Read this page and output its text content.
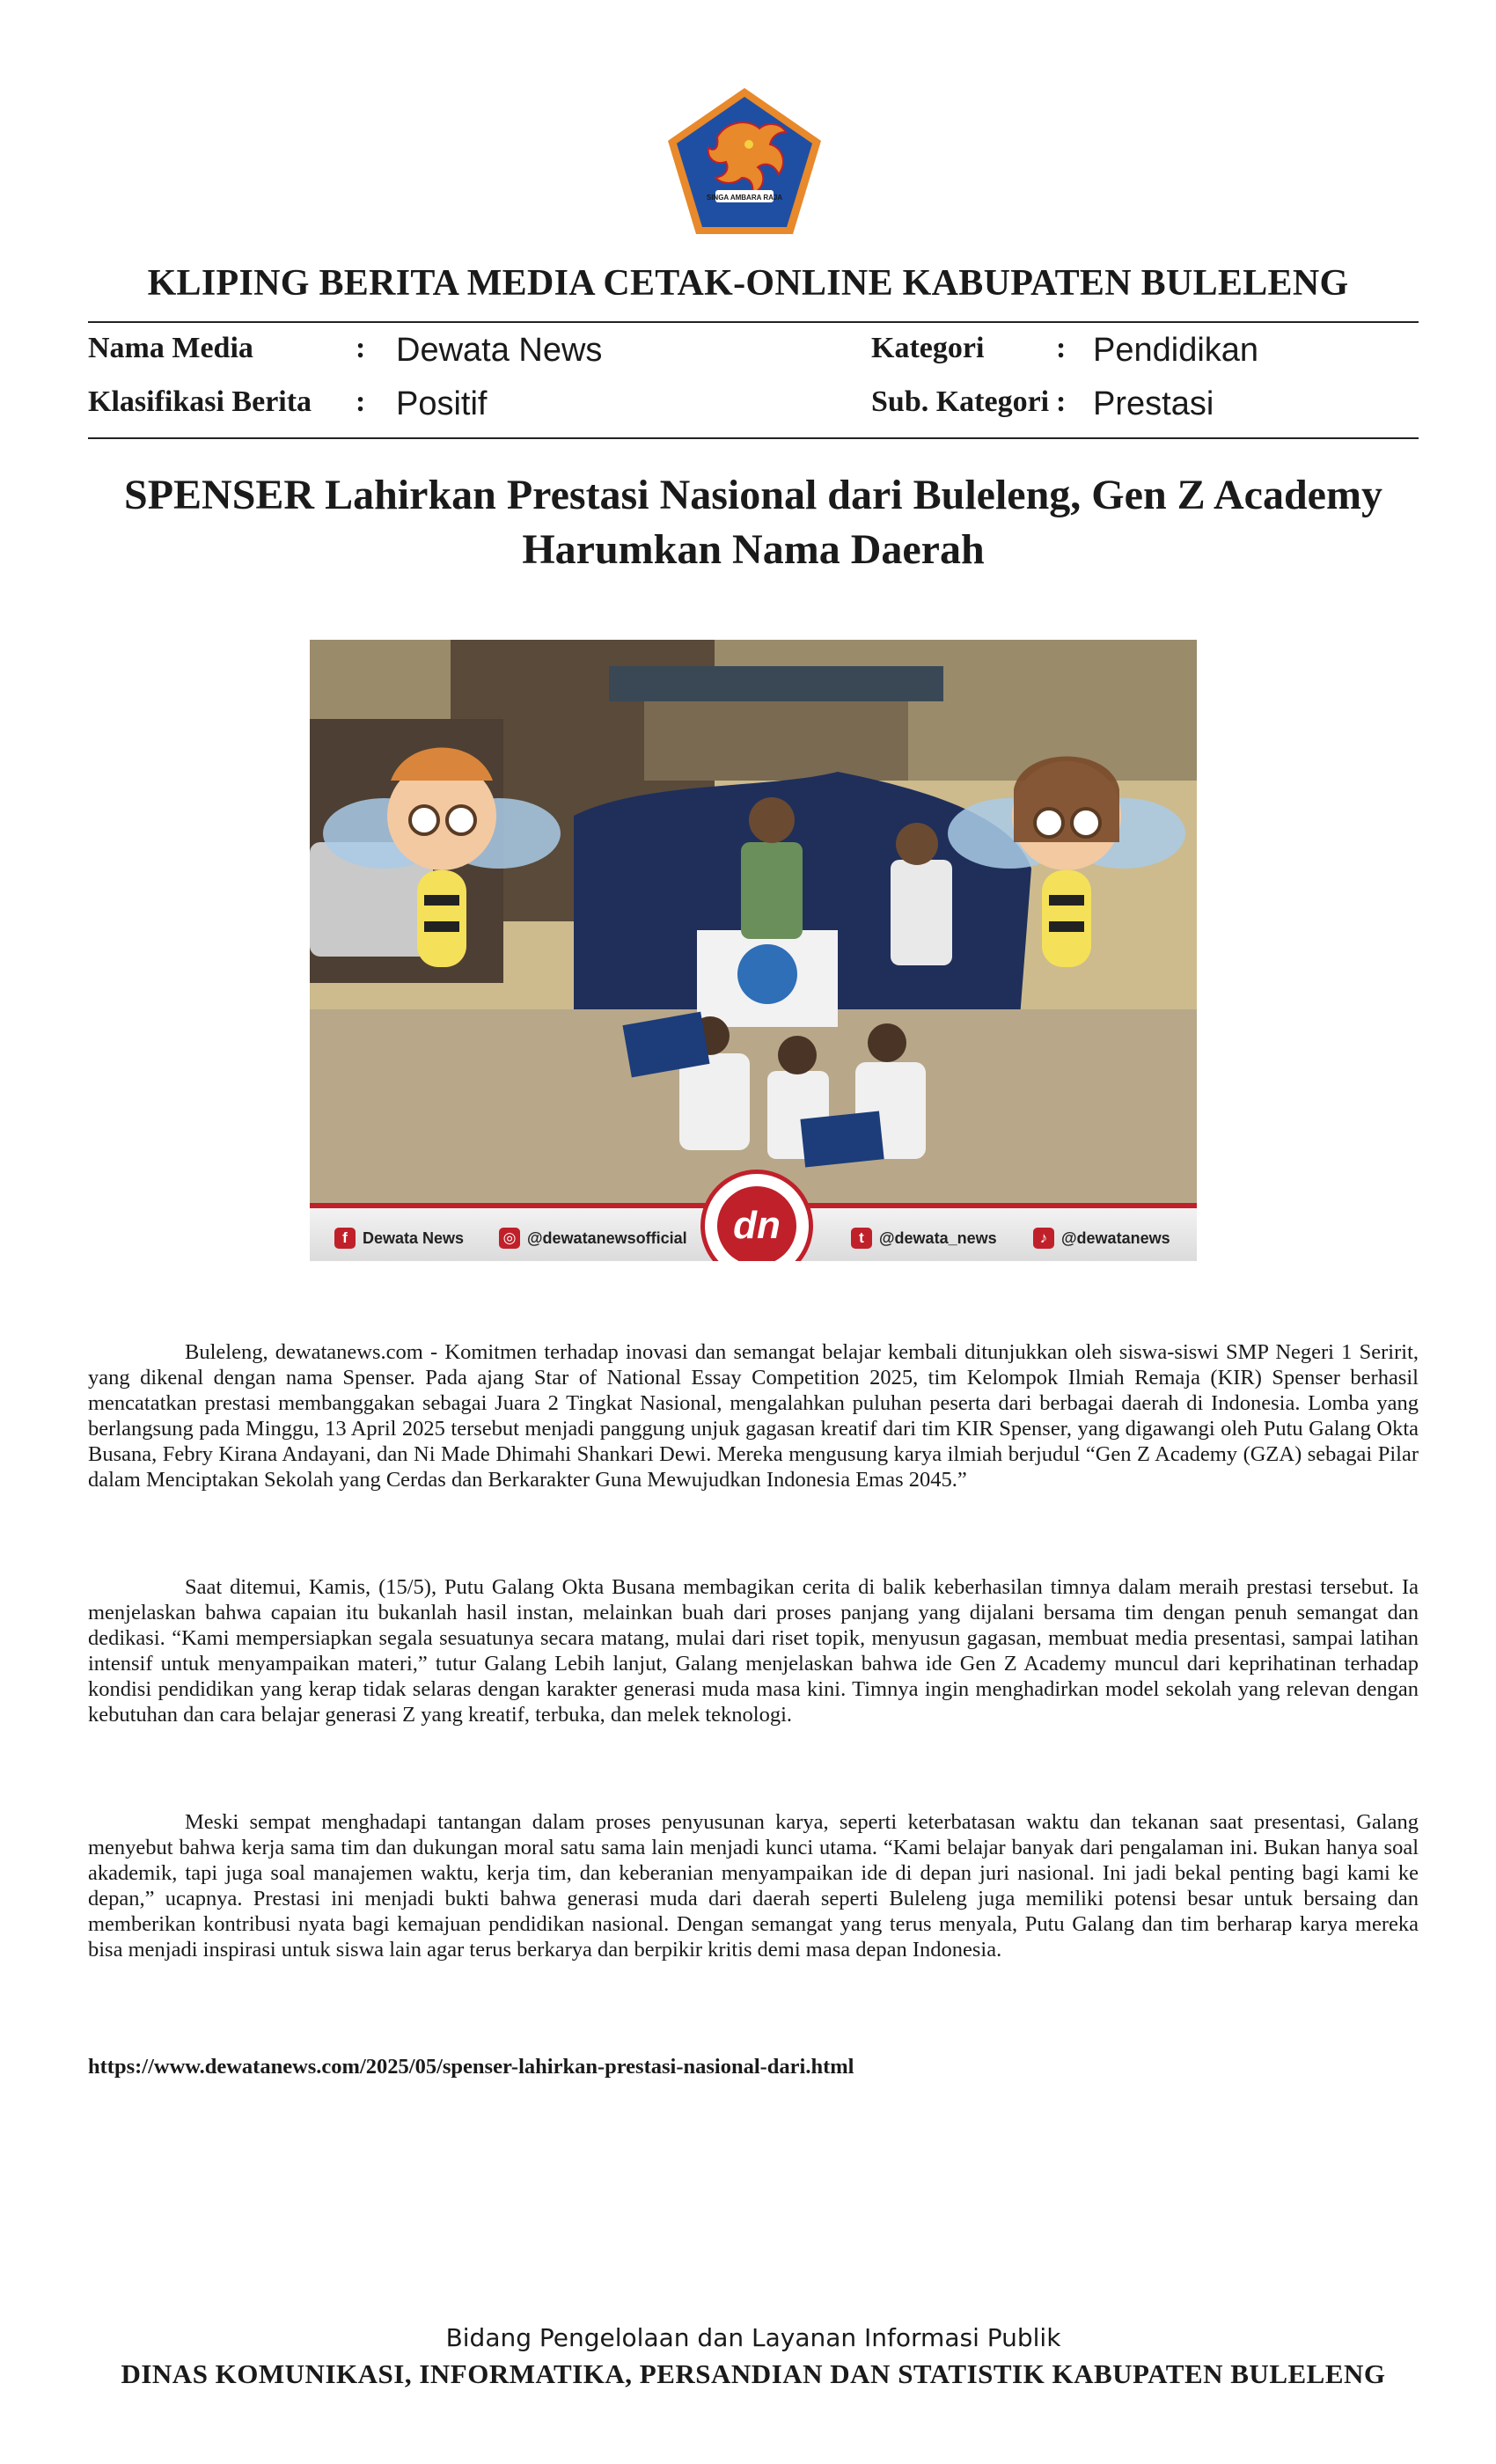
SINGA AMBARA RAJA
KLIPING BERITA MEDIA CETAK-ONLINE KABUPATEN BULELENG
Nama Media	: Dewata News
Klasifikasi Berita : Positif
Kategori : Pendidikan
Sub. Kategori : Prestasi
SPENSER Lahirkan Prestasi Nasional dari Buleleng, Gen Z Academy
Harumkan Nama Daerah
f Dewata News	◎ @dewatanewsofficial	dn	t @dewata_news	♪ @dewatanews

Buleleng, dewatanews.com - Komitmen terhadap inovasi dan semangat belajar kembali ditunjukkan oleh siswa-siswi SMP Negeri 1 Seririt, yang dikenal dengan nama Spenser. Pada ajang Star of National Essay Competition 2025, tim Kelompok Ilmiah Remaja (KIR) Spenser berhasil mencatatkan prestasi membanggakan sebagai Juara 2 Tingkat Nasional, mengalahkan puluhan peserta dari berbagai daerah di Indonesia. Lomba yang berlangsung pada Minggu, 13 April 2025 tersebut menjadi panggung unjuk gagasan kreatif dari tim KIR Spenser, yang digawangi oleh Putu Galang Okta Busana, Febry Kirana Andayani, dan Ni Made Dhimahi Shankari Dewi. Mereka mengusung karya ilmiah berjudul “Gen Z Academy (GZA) sebagai Pilar dalam Menciptakan Sekolah yang Cerdas dan Berkarakter Guna Mewujudkan Indonesia Emas 2045.”

Saat ditemui, Kamis, (15/5), Putu Galang Okta Busana membagikan cerita di balik keberhasilan timnya dalam meraih prestasi tersebut. Ia menjelaskan bahwa capaian itu bukanlah hasil instan, melainkan buah dari proses panjang yang dijalani bersama tim dengan penuh semangat dan dedikasi. “Kami mempersiapkan segala sesuatunya secara matang, mulai dari riset topik, menyusun gagasan, membuat media presentasi, sampai latihan intensif untuk menyampaikan materi,” tutur Galang Lebih lanjut, Galang menjelaskan bahwa ide Gen Z Academy muncul dari keprihatinan terhadap kondisi pendidikan yang kerap tidak selaras dengan karakter generasi muda masa kini. Timnya ingin menghadirkan model sekolah yang relevan dengan kebutuhan dan cara belajar generasi Z yang kreatif, terbuka, dan melek teknologi.

Meski sempat menghadapi tantangan dalam proses penyusunan karya, seperti keterbatasan waktu dan tekanan saat presentasi, Galang menyebut bahwa kerja sama tim dan dukungan moral satu sama lain menjadi kunci utama. “Kami belajar banyak dari pengalaman ini. Bukan hanya soal akademik, tapi juga soal manajemen waktu, kerja tim, dan keberanian menyampaikan ide di depan juri nasional. Ini jadi bekal penting bagi kami ke depan,” ucapnya. Prestasi ini menjadi bukti bahwa generasi muda dari daerah seperti Buleleng juga memiliki potensi besar untuk bersaing dan memberikan kontribusi nyata bagi kemajuan pendidikan nasional. Dengan semangat yang terus menyala, Putu Galang dan tim berharap karya mereka bisa menjadi inspirasi untuk siswa lain agar terus berkarya dan berpikir kritis demi masa depan Indonesia.

https://www.dewatanews.com/2025/05/spenser-lahirkan-prestasi-nasional-dari.html
Bidang Pengelolaan dan Layanan Informasi Publik
DINAS KOMUNIKASI, INFORMATIKA, PERSANDIAN DAN STATISTIK KABUPATEN BULELENG
